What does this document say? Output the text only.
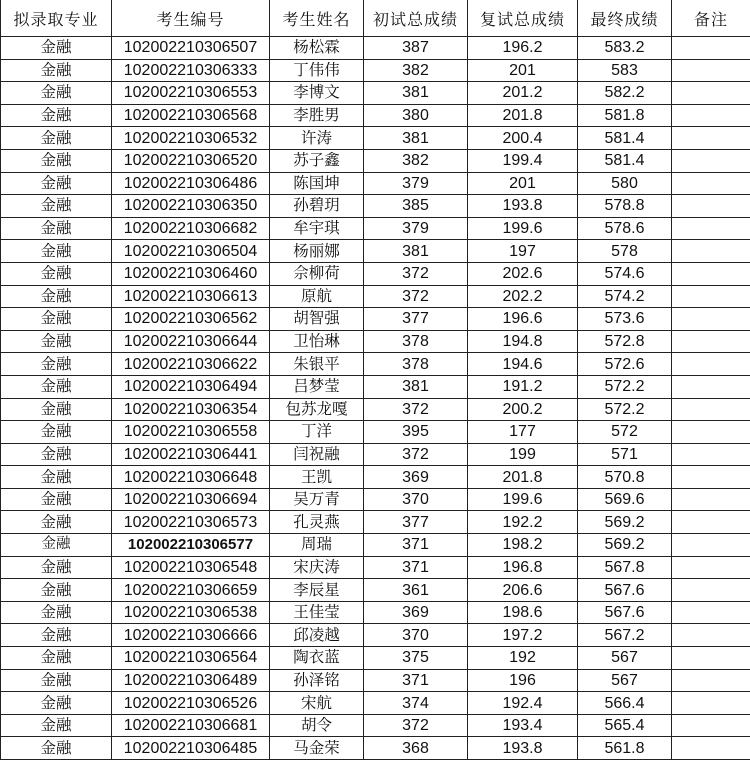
拟录取专业	考生编号	考生姓名	初试总成绩	复试总成绩	最终成绩	备注
金融	102002210306507	杨松霖	387	196.2	583.2	
金融	102002210306333	丁伟伟	382	201	583	
金融	102002210306553	李博文	381	201.2	582.2	
金融	102002210306568	李胜男	380	201.8	581.8	
金融	102002210306532	许涛	381	200.4	581.4	
金融	102002210306520	苏子鑫	382	199.4	581.4	
金融	102002210306486	陈国坤	379	201	580	
金融	102002210306350	孙碧玥	385	193.8	578.8	
金融	102002210306682	牟宇琪	379	199.6	578.6	
金融	102002210306504	杨丽娜	381	197	578	
金融	102002210306460	佘柳荷	372	202.6	574.6	
金融	102002210306613	原航	372	202.2	574.2	
金融	102002210306562	胡智强	377	196.6	573.6	
金融	102002210306644	卫怡琳	378	194.8	572.8	
金融	102002210306622	朱银平	378	194.6	572.6	
金融	102002210306494	吕梦莹	381	191.2	572.2	
金融	102002210306354	包苏龙嘎	372	200.2	572.2	
金融	102002210306558	丁洋	395	177	572	
金融	102002210306441	闫祝融	372	199	571	
金融	102002210306648	王凯	369	201.8	570.8	
金融	102002210306694	吴万青	370	199.6	569.6	
金融	102002210306573	孔灵燕	377	192.2	569.2	
金融	102002210306577	周瑞	371	198.2	569.2	
金融	102002210306548	宋庆涛	371	196.8	567.8	
金融	102002210306659	李辰星	361	206.6	567.6	
金融	102002210306538	王佳莹	369	198.6	567.6	
金融	102002210306666	邱凌越	370	197.2	567.2	
金融	102002210306564	陶衣蓝	375	192	567	
金融	102002210306489	孙泽铭	371	196	567	
金融	102002210306526	宋航	374	192.4	566.4	
金融	102002210306681	胡令	372	193.4	565.4	
金融	102002210306485	马金荣	368	193.8	561.8	
